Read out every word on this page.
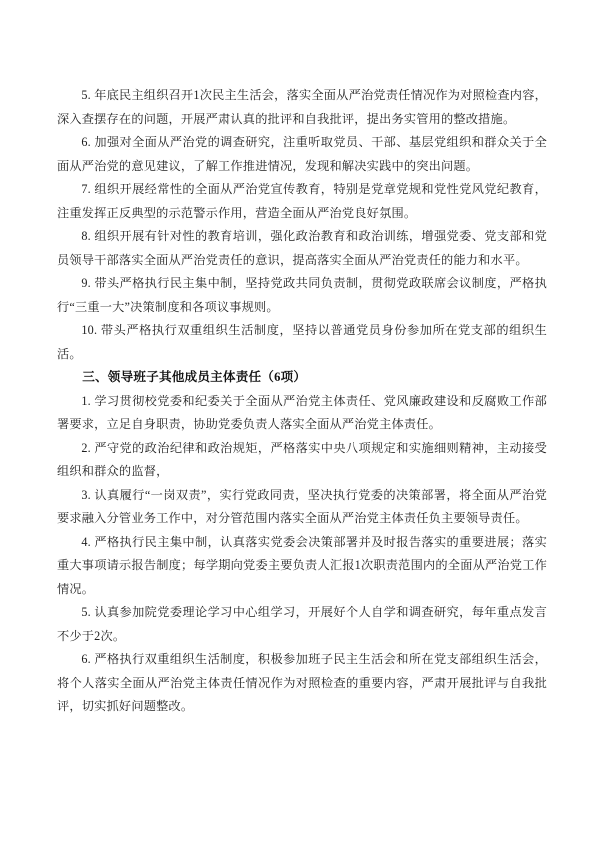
5. 年底民主组织召开1次民主生活会，落实全面从严治党责任情况作为对照检查内容，深入查摆存在的问题，开展严肃认真的批评和自我批评，提出务实管用的整改措施。

6. 加强对全面从严治党的调查研究，注重听取党员、干部、基层党组织和群众关于全面从严治党的意见建议，了解工作推进情况，发现和解决实践中的突出问题。

7. 组织开展经常性的全面从严治党宣传教育，特别是党章党规和党性党风党纪教育，注重发挥正反典型的示范警示作用，营造全面从严治党良好氛围。

8. 组织开展有针对性的教育培训，强化政治教育和政治训练，增强党委、党支部和党员领导干部落实全面从严治党责任的意识，提高落实全面从严治党责任的能力和水平。

9. 带头严格执行民主集中制，坚持党政共同负责制，贯彻党政联席会议制度，严格执行“三重一大”决策制度和各项议事规则。

10. 带头严格执行双重组织生活制度，坚持以普通党员身份参加所在党支部的组织生活。

三、领导班子其他成员主体责任（6项）

1. 学习贯彻校党委和纪委关于全面从严治党主体责任、党风廉政建设和反腐败工作部署要求，立足自身职责，协助党委负责人落实全面从严治党主体责任。

2. 严守党的政治纪律和政治规矩，严格落实中央八项规定和实施细则精神，主动接受组织和群众的监督，

3. 认真履行“一岗双责”，实行党政同责，坚决执行党委的决策部署，将全面从严治党要求融入分管业务工作中，对分管范围内落实全面从严治党主体责任负主要领导责任。

4. 严格执行民主集中制，认真落实党委会决策部署并及时报告落实的重要进展；落实重大事项请示报告制度；每学期向党委主要负责人汇报1次职责范围内的全面从严治党工作情况。

5. 认真参加院党委理论学习中心组学习，开展好个人自学和调查研究，每年重点发言不少于2次。

6. 严格执行双重组织生活制度，积极参加班子民主生活会和所在党支部组织生活会，将个人落实全面从严治党主体责任情况作为对照检查的重要内容，严肃开展批评与自我批评，切实抓好问题整改。
